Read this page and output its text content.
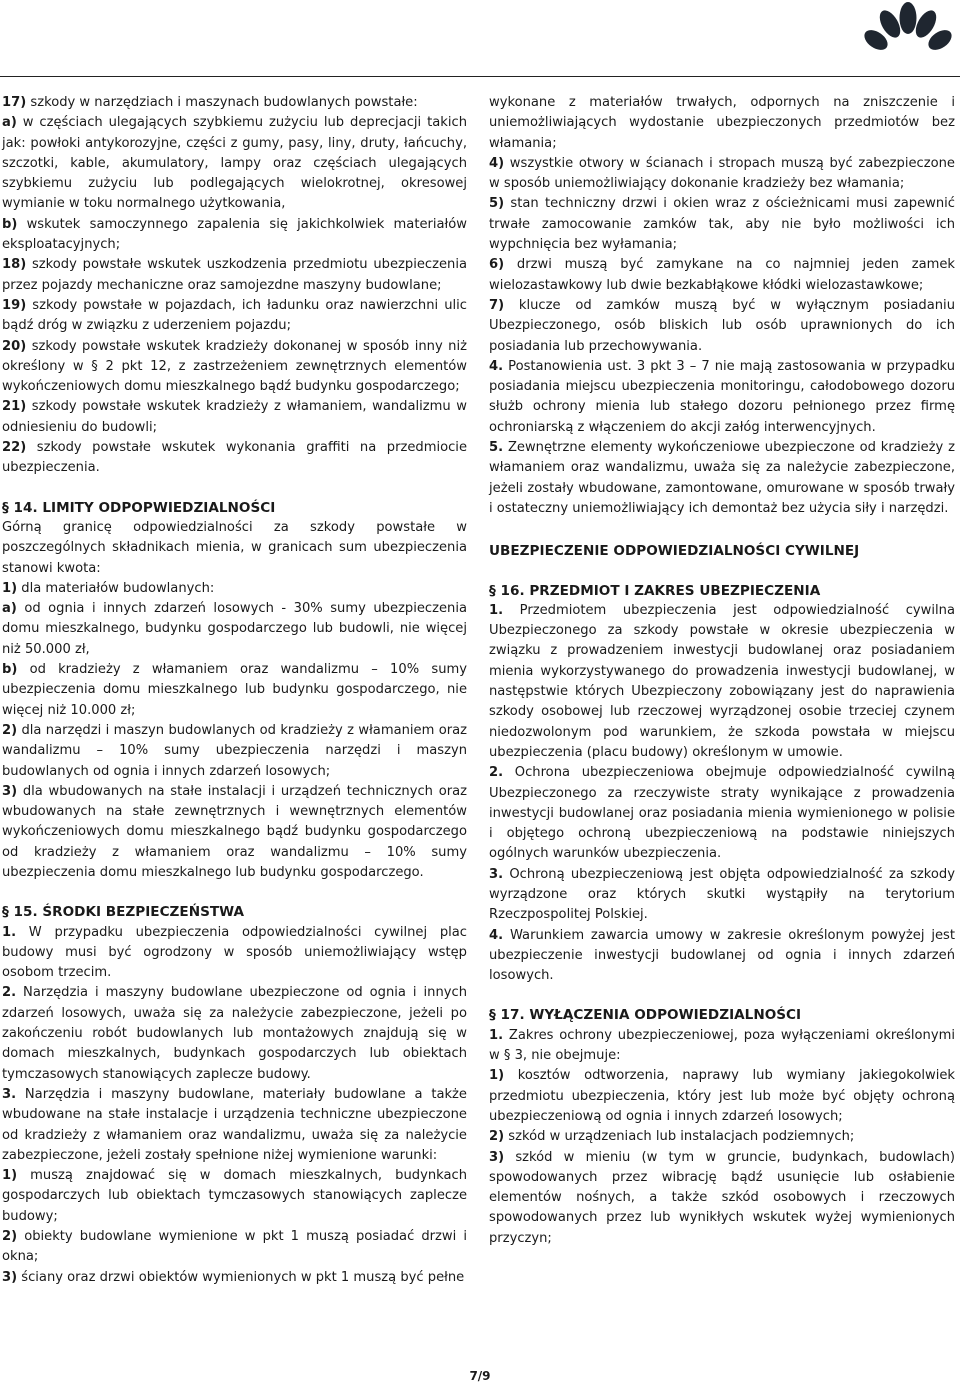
17) szkody w narzędziach i maszynach budowlanych powstałe:

a) w częściach ulegających szybkiemu zużyciu lub deprecjacji takich jak: powłoki antykorozyjne, części z gumy, pasy, liny, druty, łańcuchy, szczotki, kable, akumulatory, lampy oraz częściach ulegających szybkiemu zużyciu lub podlegających wielokrotnej, okresowej wymianie w toku normalnego użytkowania,

b) wskutek samoczynnego zapalenia się jakichkolwiek materiałów eksploatacyjnych;

18) szkody powstałe wskutek uszkodzenia przedmiotu ubezpieczenia przez pojazdy mechaniczne oraz samojezdne maszyny budowlane;

19) szkody powstałe w pojazdach, ich ładunku oraz nawierzchni ulic bądź dróg w związku z uderzeniem pojazdu;

20) szkody powstałe wskutek kradzieży dokonanej w sposób inny niż określony w § 2 pkt 12, z zastrzeżeniem zewnętrznych elementów wykończeniowych domu mieszkalnego bądź budynku gospodarczego;

21) szkody powstałe wskutek kradzieży z włamaniem, wandalizmu w odniesieniu do budowli;

22) szkody powstałe wskutek wykonania graffiti na przedmiocie ubezpieczenia.

§ 14. LIMITY ODPOPWIEDZIALNOŚCI

Górną granicę odpowiedzialności za szkody powstałe w poszczególnych składnikach mienia, w granicach sum ubezpieczenia stanowi kwota:

1) dla materiałów budowlanych:

a) od ognia i innych zdarzeń losowych - 30% sumy ubezpieczenia domu mieszkalnego, budynku gospodarczego lub budowli, nie więcej niż 50.000 zł,

b) od kradzieży z włamaniem oraz wandalizmu – 10% sumy ubezpieczenia domu mieszkalnego lub budynku gospodarczego, nie więcej niż 10.000 zł;

2) dla narzędzi i maszyn budowlanych od kradzieży z włamaniem oraz wandalizmu – 10% sumy ubezpieczenia narzędzi i maszyn budowlanych od ognia i innych zdarzeń losowych;

3) dla wbudowanych na stałe instalacji i urządzeń technicznych oraz wbudowanych na stałe zewnętrznych i wewnętrznych elementów wykończeniowych domu mieszkalnego bądź budynku gospodarczego od kradzieży z włamaniem oraz wandalizmu – 10% sumy ubezpieczenia domu mieszkalnego lub budynku gospodarczego.

§ 15. ŚRODKI BEZPIECZEŃSTWA

1. W przypadku ubezpieczenia odpowiedzialności cywilnej plac budowy musi być ogrodzony w sposób uniemożliwiający wstęp osobom trzecim.

2. Narzędzia i maszyny budowlane ubezpieczone od ognia i innych zdarzeń losowych, uważa się za należycie zabezpieczone, jeżeli po zakończeniu robót budowlanych lub montażowych znajdują się w domach mieszkalnych, budynkach gospodarczych lub obiektach tymczasowych stanowiących zaplecze budowy.

3. Narzędzia i maszyny budowlane, materiały budowlane a także wbudowane na stałe instalacje i urządzenia techniczne ubezpieczone od kradzieży z włamaniem oraz wandalizmu, uważa się za należycie zabezpieczone, jeżeli zostały spełnione niżej wymienione warunki:

1) muszą znajdować się w domach mieszkalnych, budynkach gospodarczych lub obiektach tymczasowych stanowiących zaplecze budowy;

2) obiekty budowlane wymienione w pkt 1 muszą posiadać drzwi i okna;

3) ściany oraz drzwi obiektów wymienionych w pkt 1 muszą być pełne

wykonane z materiałów trwałych, odpornych na zniszczenie i uniemożliwiających wydostanie ubezpieczonych przedmiotów bez włamania;

4) wszystkie otwory w ścianach i stropach muszą być zabezpieczone w sposób uniemożliwiający dokonanie kradzieży bez włamania;

5) stan techniczny drzwi i okien wraz z ościeżnicami musi zapewnić trwałe zamocowanie zamków tak, aby nie było możliwości ich wypchnięcia bez wyłamania;

6) drzwi muszą być zamykane na co najmniej jeden zamek wielozastawkowy lub dwie bezkabłąkowe kłódki wielozastawkowe;

7) klucze od zamków muszą być w wyłącznym posiadaniu Ubezpieczonego, osób bliskich lub osób uprawnionych do ich posiadania lub przechowywania.

4. Postanowienia ust. 3 pkt 3 – 7 nie mają zastosowania w przypadku posiadania miejscu ubezpieczenia monitoringu, całodobowego dozoru służb ochrony mienia lub stałego dozoru pełnionego przez firmę ochroniarską z włączeniem do akcji załóg interwencyjnych.

5. Zewnętrzne elementy wykończeniowe ubezpieczone od kradzieży z włamaniem oraz wandalizmu, uważa się za należycie zabezpieczone, jeżeli zostały wbudowane, zamontowane, omurowane w sposób trwały i ostateczny uniemożliwiający ich demontaż bez użycia siły i narzędzi.

UBEZPIECZENIE ODPOWIEDZIALNOŚCI CYWILNEJ

§ 16. PRZEDMIOT I ZAKRES UBEZPIECZENIA

1. Przedmiotem ubezpieczenia jest odpowiedzialność cywilna Ubezpieczonego za szkody powstałe w okresie ubezpieczenia w związku z prowadzeniem inwestycji budowlanej oraz posiadaniem mienia wykorzystywanego do prowadzenia inwestycji budowlanej, w następstwie których Ubezpieczony zobowiązany jest do naprawienia szkody osobowej lub rzeczowej wyrządzonej osobie trzeciej czynem niedozwolonym pod warunkiem, że szkoda powstała w miejscu ubezpieczenia (placu budowy) określonym w umowie.

2. Ochrona ubezpieczeniowa obejmuje odpowiedzialność cywilną Ubezpieczonego za rzeczywiste straty wynikające z prowadzenia inwestycji budowlanej oraz posiadania mienia wymienionego w polisie i objętego ochroną ubezpieczeniową na podstawie niniejszych ogólnych warunków ubezpieczenia.

3. Ochroną ubezpieczeniową jest objęta odpowiedzialność za szkody wyrządzone oraz których skutki wystąpiły na terytorium Rzeczpospolitej Polskiej.

4. Warunkiem zawarcia umowy w zakresie określonym powyżej jest ubezpieczenie inwestycji budowlanej od ognia i innych zdarzeń losowych.

§ 17. WYŁĄCZENIA ODPOWIEDZIALNOŚCI

1. Zakres ochrony ubezpieczeniowej, poza wyłączeniami określonymi w § 3, nie obejmuje:

1) kosztów odtworzenia, naprawy lub wymiany jakiegokolwiek przedmiotu ubezpieczenia, który jest lub może być objęty ochroną ubezpieczeniową od ognia i innych zdarzeń losowych;

2) szkód w urządzeniach lub instalacjach podziemnych;

3) szkód w mieniu (w tym w gruncie, budynkach, budowlach) spowodowanych przez wibrację bądź usunięcie lub osłabienie elementów nośnych, a także szkód osobowych i rzeczowych spowodowanych przez lub wynikłych wskutek wyżej wymienionych przyczyn;

7/9
